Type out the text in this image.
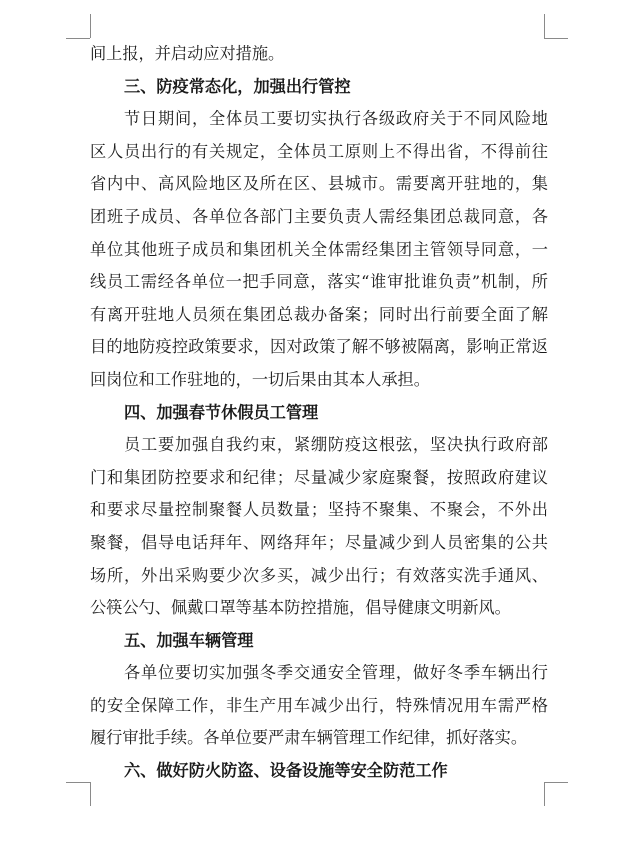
间上报，并启动应对措施。
三、防疫常态化，加强出行管控
　　节日期间，全体员工要切实执行各级政府关于不同风险地
区人员出行的有关规定，全体员工原则上不得出省，不得前往
省内中、高风险地区及所在区、县城市。需要离开驻地的，集
团班子成员、各单位各部门主要负责人需经集团总裁同意，各
单位其他班子成员和集团机关全体需经集团主管领导同意，一
线员工需经各单位一把手同意，落实“谁审批谁负责”机制，所
有离开驻地人员须在集团总裁办备案；同时出行前要全面了解
目的地防疫控政策要求，因对政策了解不够被隔离，影响正常返
回岗位和工作驻地的，一切后果由其本人承担。
四、加强春节休假员工管理
　　员工要加强自我约束，紧绷防疫这根弦，坚决执行政府部
门和集团防控要求和纪律；尽量减少家庭聚餐，按照政府建议
和要求尽量控制聚餐人员数量；坚持不聚集、不聚会，不外出
聚餐，倡导电话拜年、网络拜年；尽量减少到人员密集的公共
场所，外出采购要少次多买，减少出行；有效落实洗手通风、
公筷公勺、佩戴口罩等基本防控措施，倡导健康文明新风。
五、加强车辆管理
　　各单位要切实加强冬季交通安全管理，做好冬季车辆出行
的安全保障工作，非生产用车减少出行，特殊情况用车需严格
履行审批手续。各单位要严肃车辆管理工作纪律，抓好落实。
六、做好防火防盗、设备设施等安全防范工作
